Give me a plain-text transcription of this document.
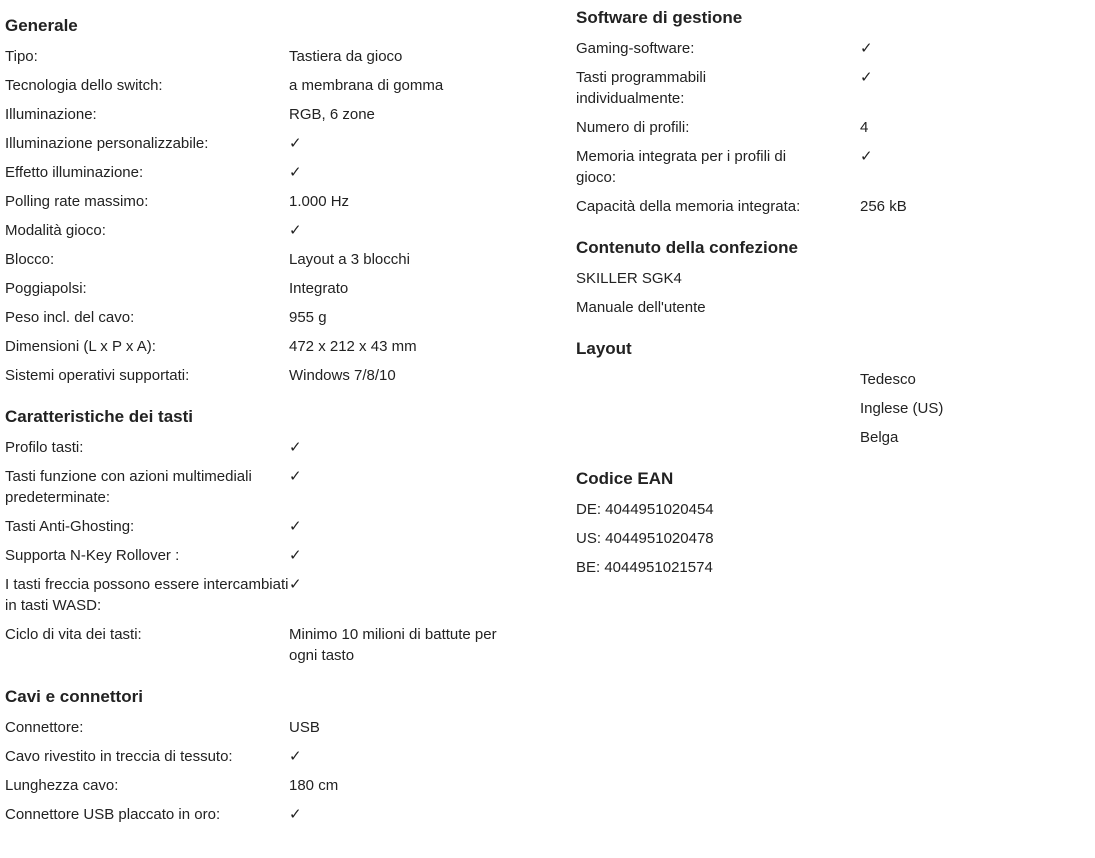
Generale
Tipo:	Tastiera da gioco
Tecnologia dello switch:	a membrana di gomma
Illuminazione:	RGB, 6 zone
Illuminazione personalizzabile:	✓
Effetto illuminazione:	✓
Polling rate massimo:	1.000 Hz
Modalità gioco:	✓
Blocco:	Layout a 3 blocchi
Poggiapolsi:	Integrato
Peso incl. del cavo:	955 g
Dimensioni (L x P x A):	472 x 212 x 43 mm
Sistemi operativi supportati:	Windows 7/8/10
Caratteristiche dei tasti
Profilo tasti:	✓
Tasti funzione con azioni multimediali predeterminate:
✓
Tasti Anti-Ghosting:	✓
Supporta N-Key Rollover :	✓
I tasti freccia possono essere intercambiati in tasti WASD:
✓
Ciclo di vita dei tasti:	Minimo 10 milioni di battute per ogni tasto
Cavi e connettori
Connettore:	USB
Cavo rivestito in treccia di tessuto:	✓
Lunghezza cavo:	180 cm
Connettore USB placcato in oro:	✓
Software di gestione
Gaming-software:	✓
Tasti programmabili individualmente:
✓
Numero di profili:	4
Memoria integrata per i profili di gioco:
✓
Capacità della memoria integrata:	256 kB
Contenuto della confezione
SKILLER SGK4
Manuale dell'utente
Layout
Tedesco
Inglese (US)
Belga
Codice EAN
DE: 4044951020454
US: 4044951020478
BE: 4044951021574
